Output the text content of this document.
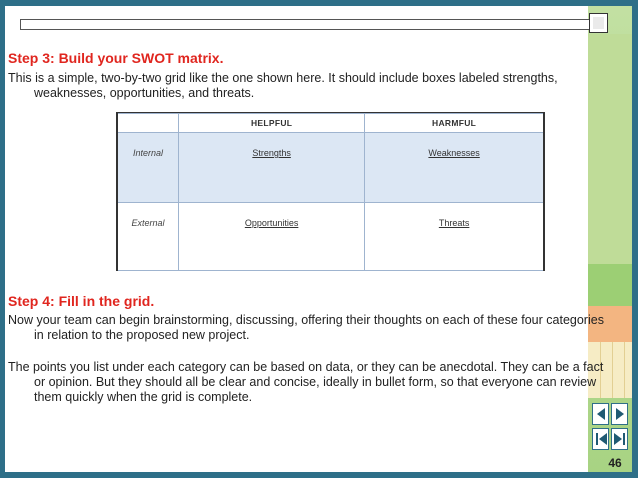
Step 3: Build your SWOT matrix.

This is a simple, two-by-two grid like the one shown here. It should include boxes labeled strengths, weaknesses, opportunities, and threats.

	HELPFUL	HARMFUL
Internal	Strengths	Weaknesses
External	Opportunities	Threats
Step 4: Fill in the grid.

Now your team can begin brainstorming, discussing, offering their thoughts on each of these four categories in relation to the proposed new project.

The points you list under each category can be based on data, or they can be anecdotal. They can be a fact or opinion. But they should all be clear and concise, ideally in bullet form, so that everyone can review them quickly when the grid is complete.

46
